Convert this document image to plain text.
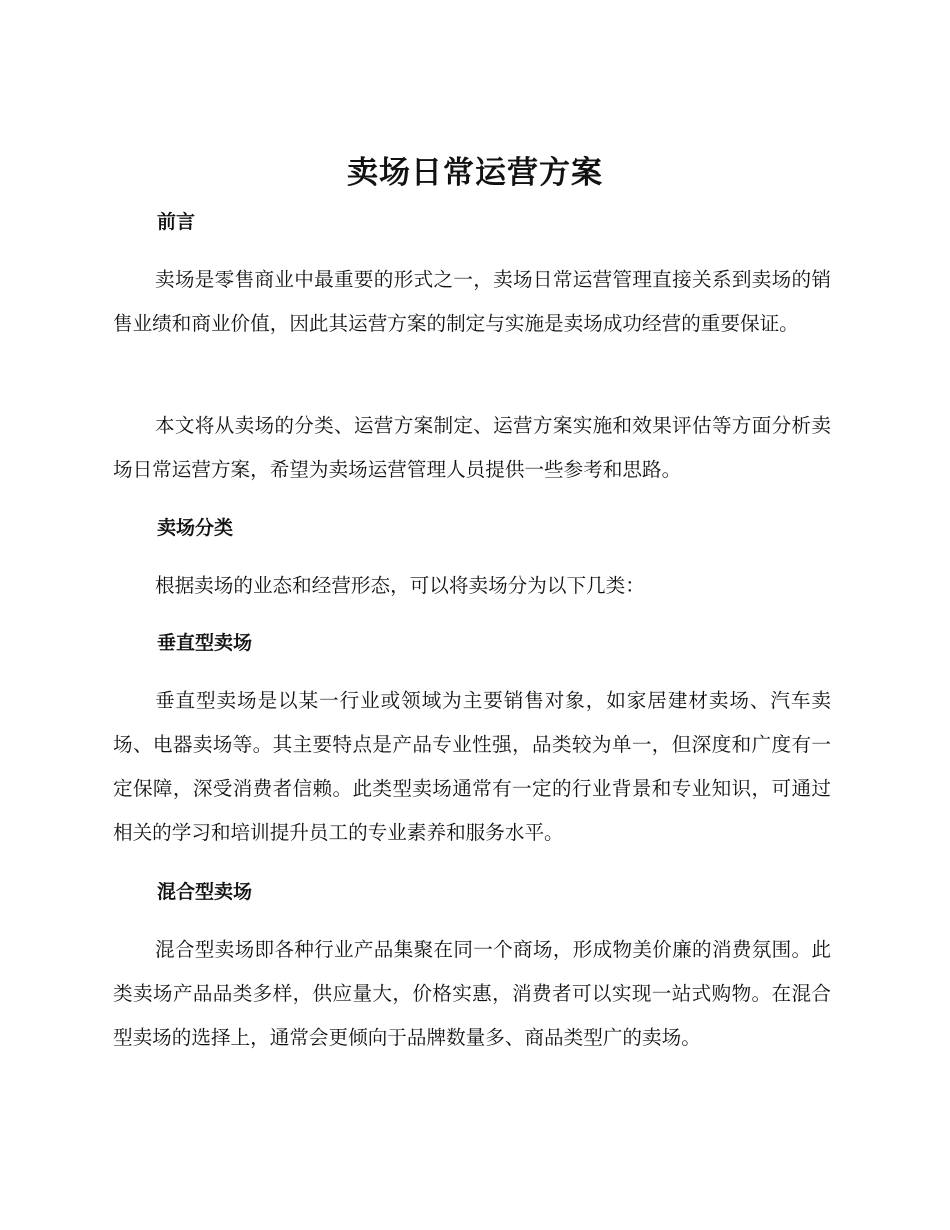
卖场日常运营方案
前言

卖场是零售商业中最重要的形式之一，卖场日常运营管理直接关系到卖场的销售业绩和商业价值，因此其运营方案的制定与实施是卖场成功经营的重要保证。

本文将从卖场的分类、运营方案制定、运营方案实施和效果评估等方面分析卖场日常运营方案，希望为卖场运营管理人员提供一些参考和思路。

卖场分类

根据卖场的业态和经营形态，可以将卖场分为以下几类：

垂直型卖场

垂直型卖场是以某一行业或领域为主要销售对象，如家居建材卖场、汽车卖场、电器卖场等。其主要特点是产品专业性强，品类较为单一，但深度和广度有一定保障，深受消费者信赖。此类型卖场通常有一定的行业背景和专业知识，可通过相关的学习和培训提升员工的专业素养和服务水平。

混合型卖场

混合型卖场即各种行业产品集聚在同一个商场，形成物美价廉的消费氛围。此类卖场产品品类多样，供应量大，价格实惠，消费者可以实现一站式购物。在混合型卖场的选择上，通常会更倾向于品牌数量多、商品类型广的卖场。
